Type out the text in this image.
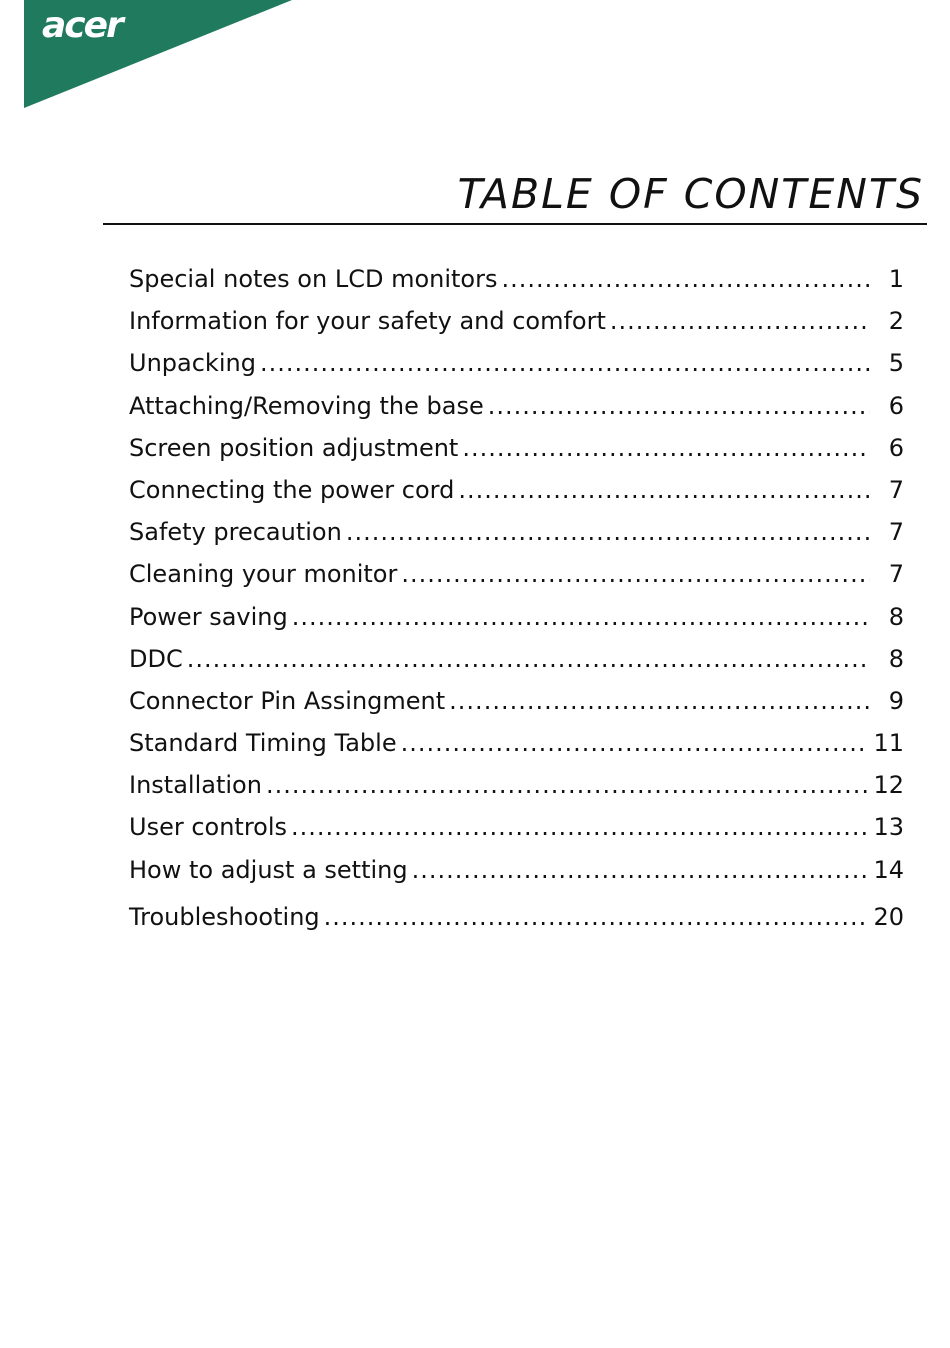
acer
TABLE OF CONTENTS
Special notes on LCD monitors .....	1
Information for your safety and comfort .....	2
Unpacking .....	5
Attaching/Removing the base .....	6
Screen position adjustment .....	6
Connecting the power cord .....	7
Safety precaution .....	7
Cleaning your monitor .....	7
Power saving .....	8
DDC .....	8
Connector Pin Assingment .....	9
Standard Timing Table .....	11
Installation .....	12
User controls .....	13
How to adjust a setting .....	14
Troubleshooting .....	20
